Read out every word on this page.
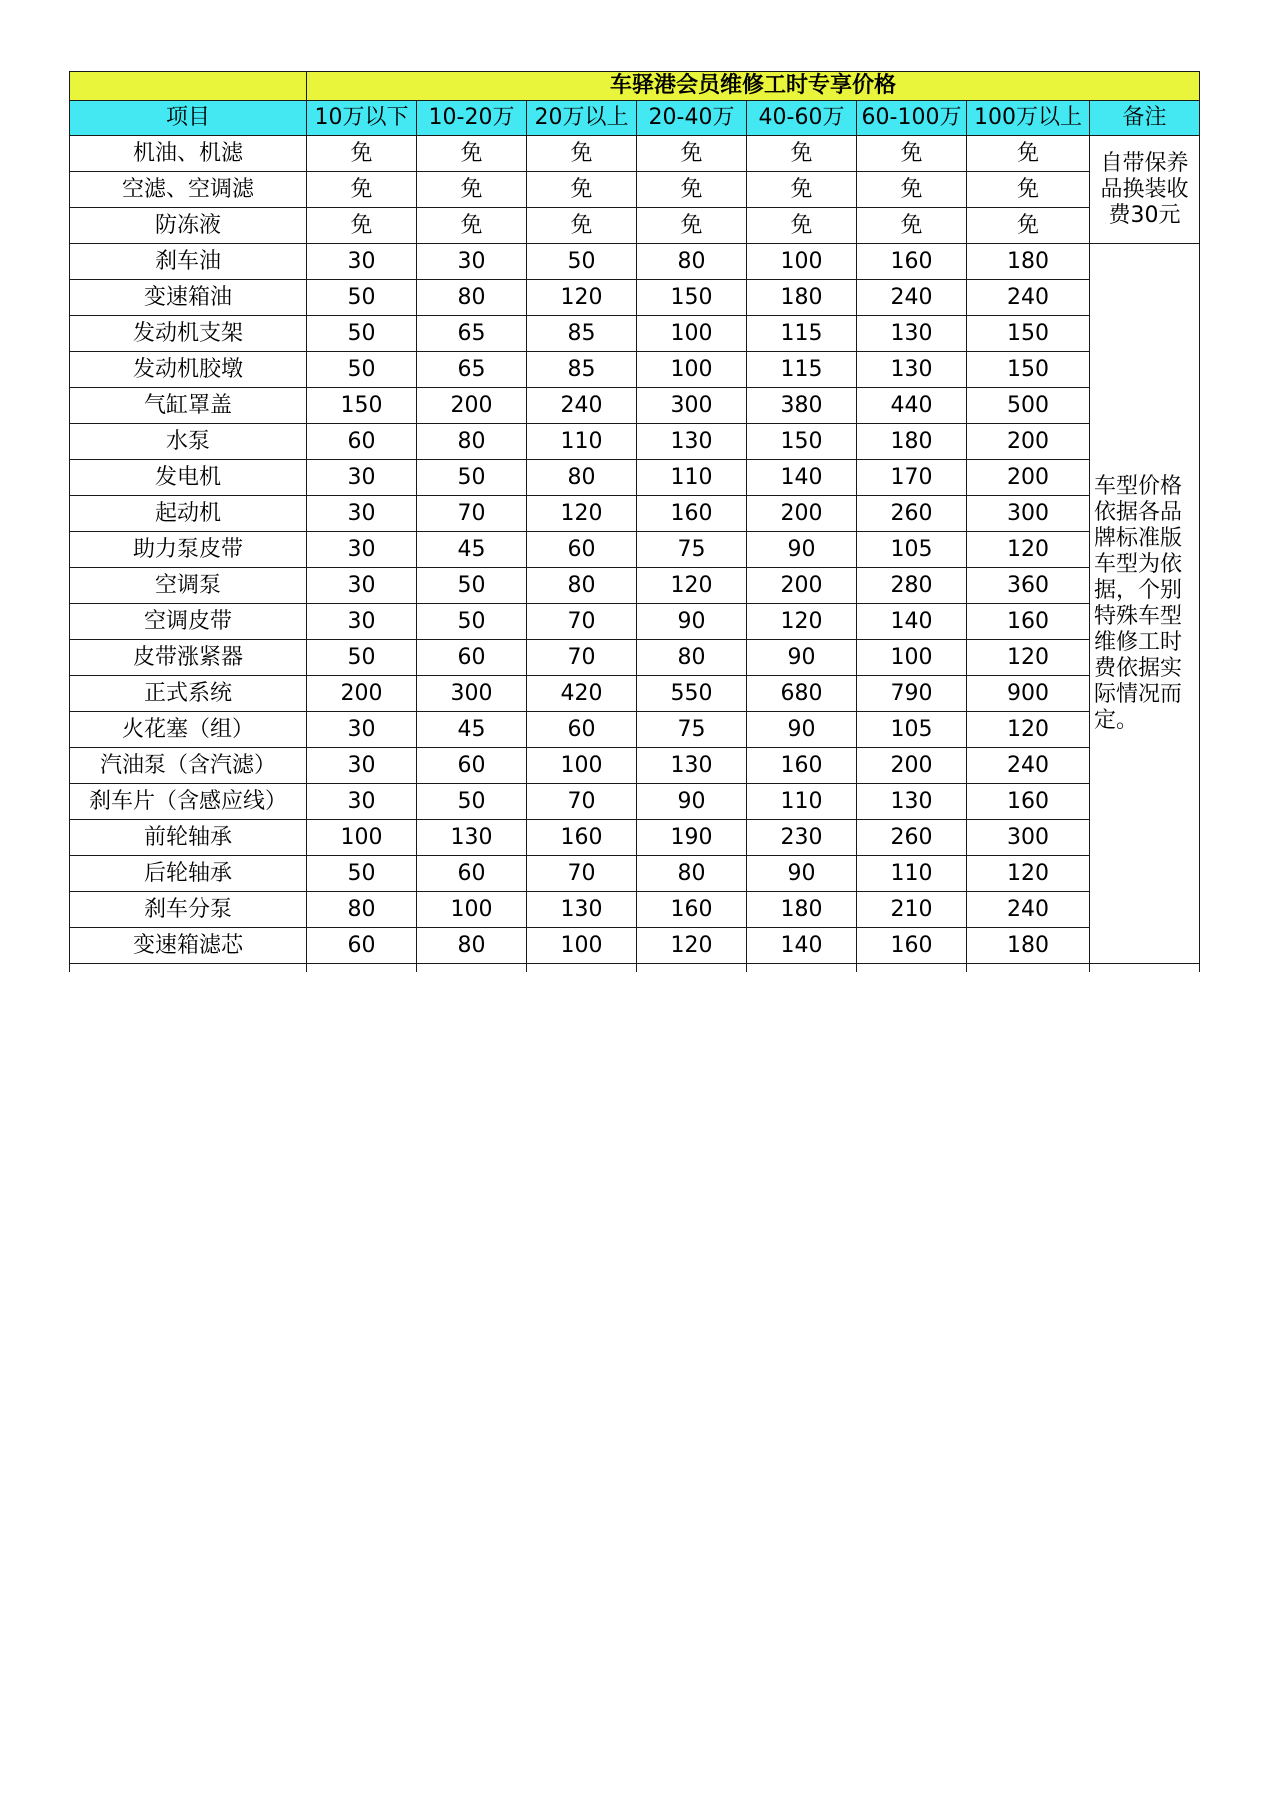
	车驿港会员维修工时专享价格							
项目	10万以下	10-20万	20万以上	20-40万	40-60万	60-100万	100万以上	备注
机油、机滤	免	免	免	免	免	免	免	自带保养品换装收费30元
空滤、空调滤	免	免	免	免	免	免	免	
防冻液	免	免	免	免	免	免	免	
刹车油	30	30	50	80	100	160	180	车型价格依据各品牌标准版车型为依据，个别特殊车型维修工时费依据实际情况而定。
变速箱油	50	80	120	150	180	240	240	
发动机支架	50	65	85	100	115	130	150	
发动机胶墩	50	65	85	100	115	130	150	
气缸罩盖	150	200	240	300	380	440	500	
水泵	60	80	110	130	150	180	200	
发电机	30	50	80	110	140	170	200	
起动机	30	70	120	160	200	260	300	
助力泵皮带	30	45	60	75	90	105	120	
空调泵	30	50	80	120	200	280	360	
空调皮带	30	50	70	90	120	140	160	
皮带涨紧器	50	60	70	80	90	100	120	
正式系统	200	300	420	550	680	790	900	
火花塞（组）	30	45	60	75	90	105	120	
汽油泵（含汽滤）	30	60	100	130	160	200	240	
刹车片（含感应线）	30	50	70	90	110	130	160	
前轮轴承	100	130	160	190	230	260	300	
后轮轴承	50	60	70	80	90	110	120	
刹车分泵	80	100	130	160	180	210	240	
变速箱滤芯	60	80	100	120	140	160	180	
